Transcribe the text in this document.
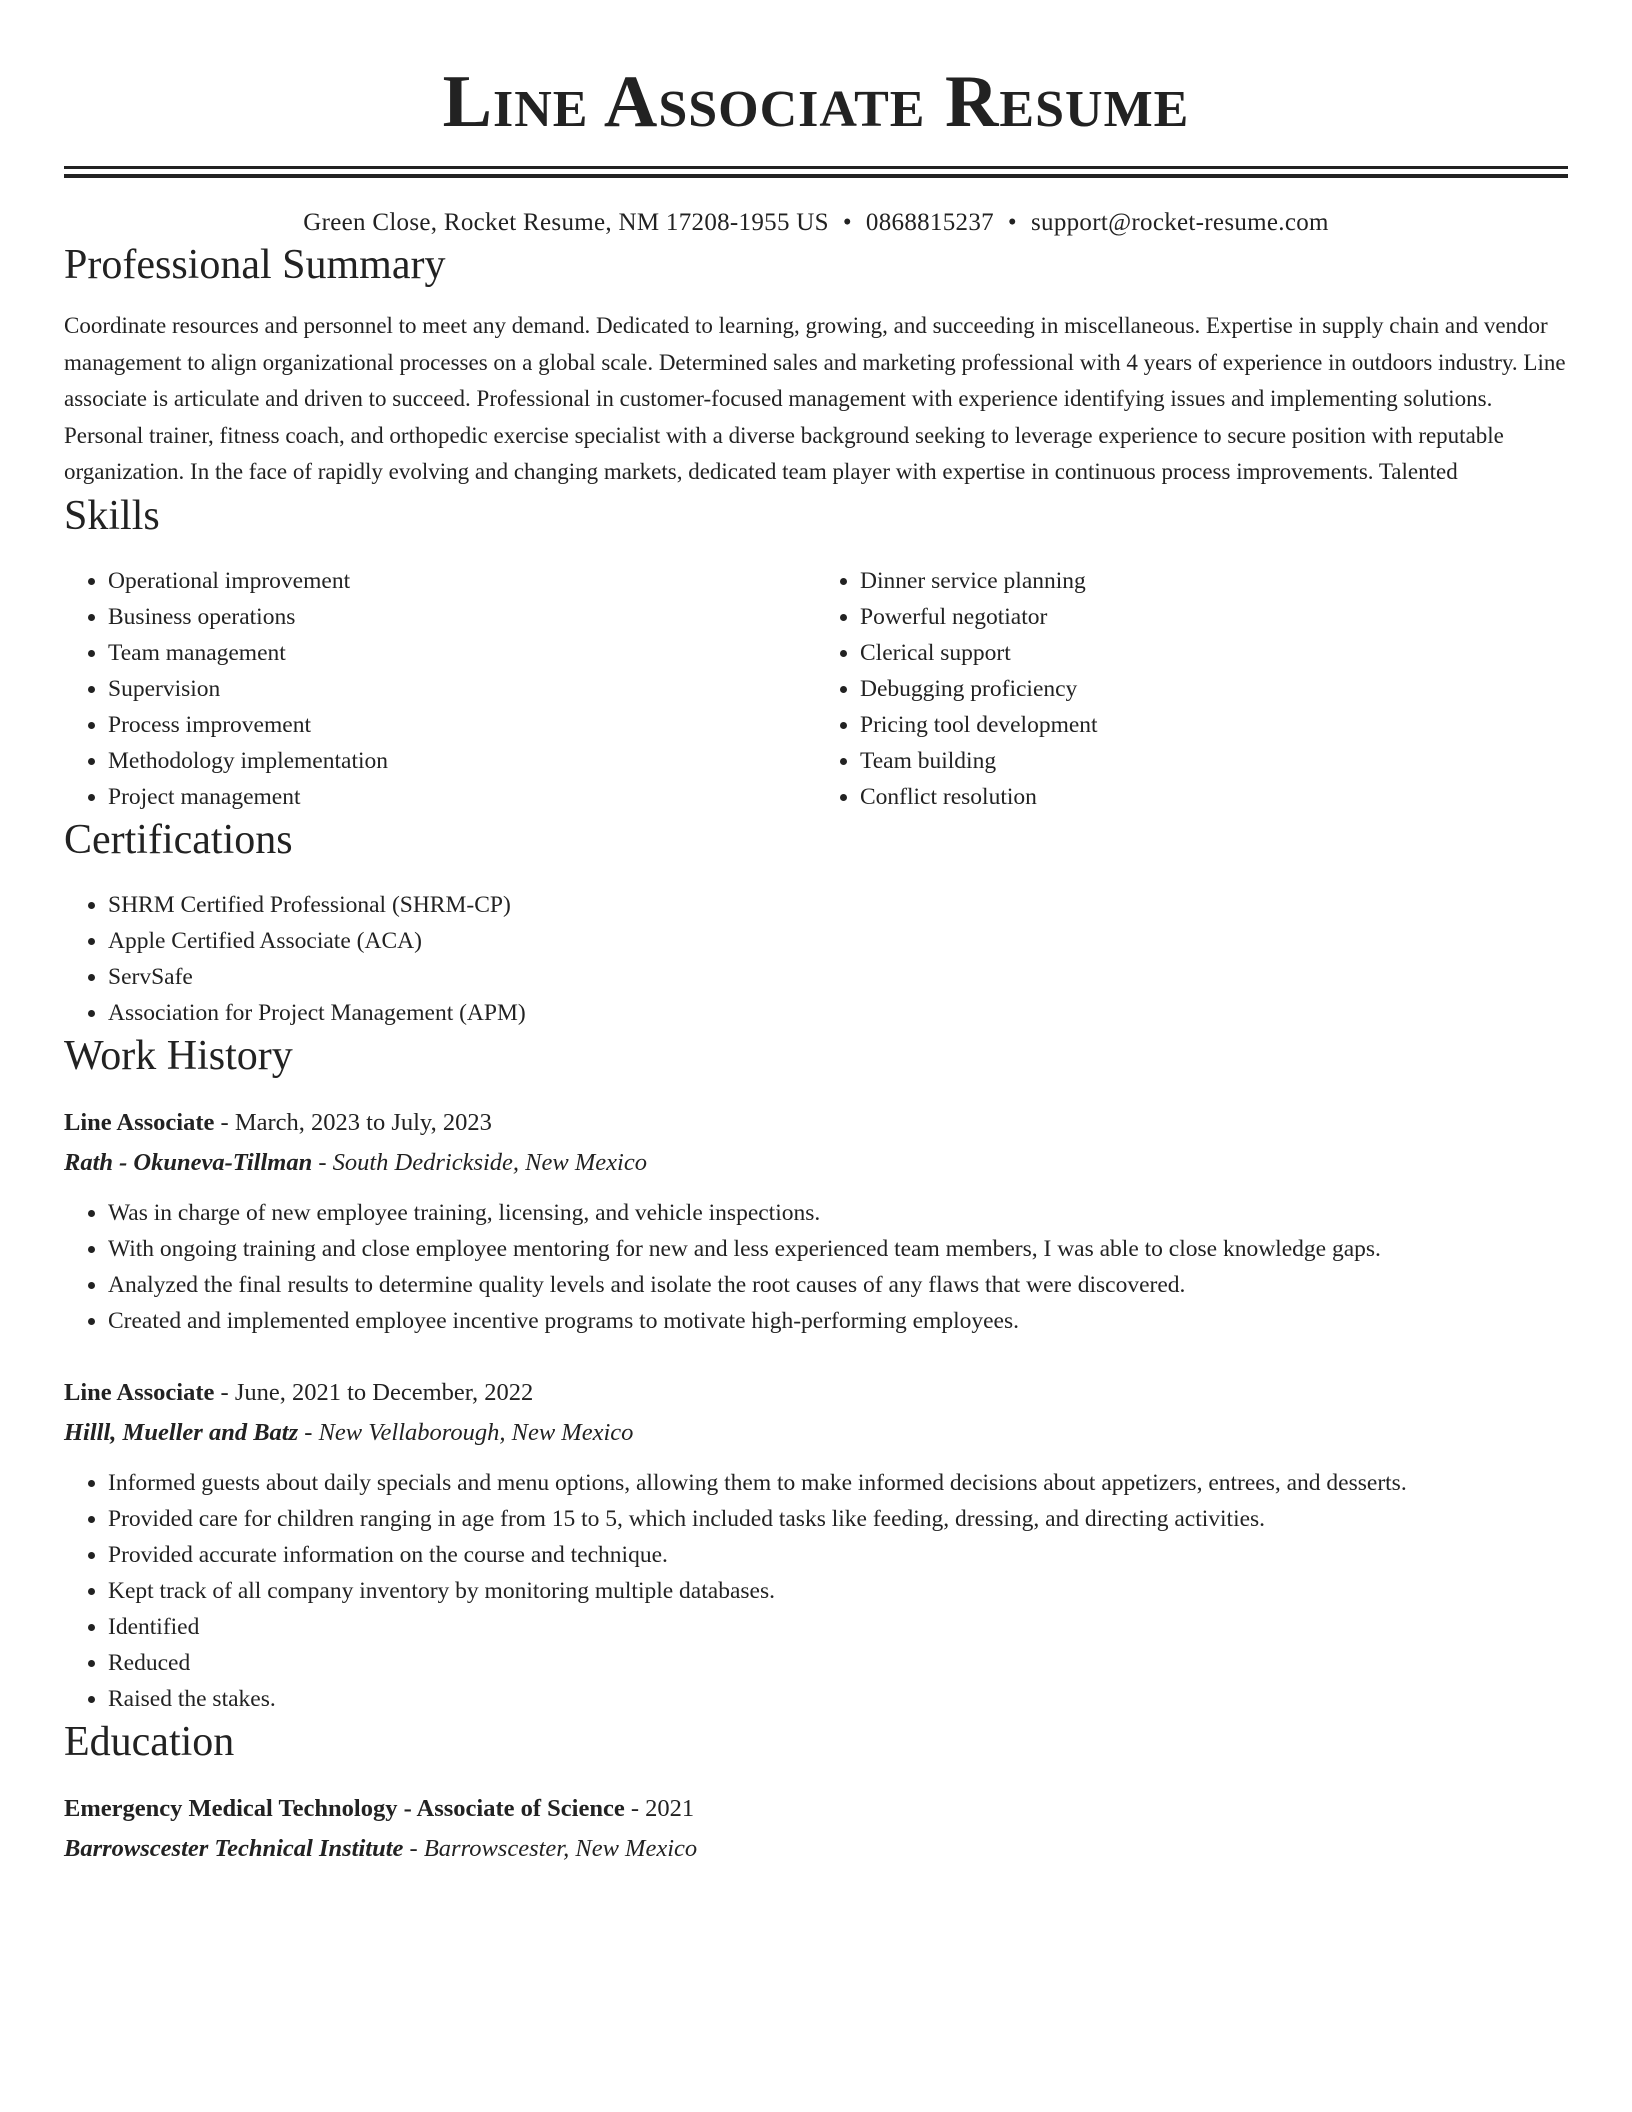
Line Associate Resume
Green Close, Rocket Resume, NM 17208-1955 US • 0868815237 • support@rocket-resume.com
Professional Summary

Coordinate resources and personnel to meet any demand. Dedicated to learning, growing, and succeeding in miscellaneous. Expertise in supply chain and vendor management to align organizational processes on a global scale. Determined sales and marketing professional with 4 years of experience in outdoors industry. Line associate is articulate and driven to succeed. Professional in customer-focused management with experience identifying issues and implementing solutions. Personal trainer, fitness coach, and orthopedic exercise specialist with a diverse background seeking to leverage experience to secure position with reputable organization. In the face of rapidly evolving and changing markets, dedicated team player with expertise in continuous process improvements. Talented

Skills
• Operational improvement
• Business operations
• Team management
• Supervision
• Process improvement
• Methodology implementation
• Project management
• Dinner service planning
• Powerful negotiator
• Clerical support
• Debugging proficiency
• Pricing tool development
• Team building
• Conflict resolution
Certifications
• SHRM Certified Professional (SHRM-CP)
• Apple Certified Associate (ACA)
• ServSafe
• Association for Project Management (APM)
Work History
Line Associate - March, 2023 to July, 2023
Rath - Okuneva-Tillman - South Dedrickside, New Mexico
• Was in charge of new employee training, licensing, and vehicle inspections.
• With ongoing training and close employee mentoring for new and less experienced team members, I was able to close knowledge gaps.
• Analyzed the final results to determine quality levels and isolate the root causes of any flaws that were discovered.
• Created and implemented employee incentive programs to motivate high-performing employees.
Line Associate - June, 2021 to December, 2022
Hilll, Mueller and Batz - New Vellaborough, New Mexico
• Informed guests about daily specials and menu options, allowing them to make informed decisions about appetizers, entrees, and desserts.
• Provided care for children ranging in age from 15 to 5, which included tasks like feeding, dressing, and directing activities.
• Provided accurate information on the course and technique.
• Kept track of all company inventory by monitoring multiple databases.
• Identified
• Reduced
• Raised the stakes.
Education
Emergency Medical Technology - Associate of Science - 2021
Barrowscester Technical Institute - Barrowscester, New Mexico
